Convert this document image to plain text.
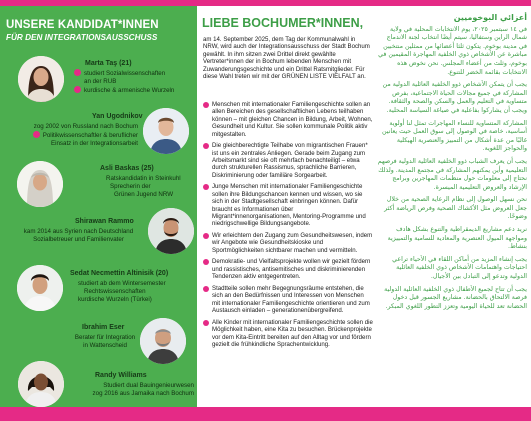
UNSERE KANDIDAT*INNEN
FÜR DEN INTEGRATIONSAUSSCHUSS
Marta Taş (21)
studiert Sozialwissenschaften
an der RUB
kurdische & armenische Wurzeln
Yan Ugodnikov
zog 2002 von Russland nach Bochum
Politikwissenschaftler & beruflicher
Einsatz in der Integrationsarbeit
Asli Baskas (25)
Ratskandidatin in Steinkuhl
Sprecherin der
Grünen Jugend NRW
Shirawan Rammo
kam 2014 aus Syrien nach Deutschland
Sozialbetreuer und Familienvater
Sedat Necmettin Altinisik (20)
studiert ab dem Wintersemester
Rechtswissenschaften
kurdische Wurzeln (Türkei)
Ibrahim Eser
Berater für Integration
in Wattenscheid
Randy Williams
Studiert dual Bauingenieurwesen
zog 2016 aus Jamaika nach Bochum
LIEBE BOCHUMER*INNEN,
am 14. September 2025, dem Tag der Kommunalwahl in NRW, wird auch der Integrationsausschuss der Stadt Bochum gewählt. In ihm sitzen zwei Drittel direkt gewählte Vertreter*innen der in Bochum lebenden Menschen mit Zuwanderungsgeschichte und ein Drittel Ratsmitglieder. Für diese Wahl treten wir mit der GRÜNEN LISTE VIELFALT an.
Menschen mit internationaler Familiengeschichte sollen an allen Bereichen des gesellschaftlichen Lebens teilhaben können – mit gleichen Chancen in Bildung, Arbeit, Wohnen, Gesundheit und Kultur. Sie sollen kommunale Politik aktiv mitgestalten.
Die gleichberechtigte Teilhabe von migrantischen Frauen* ist uns ein zentrales Anliegen. Gerade beim Zugang zum Arbeitsmarkt sind sie oft mehrfach benachteiligt – etwa durch strukturellen Rassismus, sprachliche Barrieren, Diskriminierung oder familiäre Sorgearbeit.
Junge Menschen mit internationaler Familiengeschichte sollen ihre Bildungschancen kennen und wissen, wo sie sich in der Stadtgesellschaft einbringen können. Dafür braucht es Informationen über Migrant*innenorganisationen, Mentoring-Programme und niedrigschwellige Bildungsangebote.
Wir erleichtern den Zugang zum Gesundheitswesen, indem wir Angebote wie Gesundheitskioske und Sportmöglichkeiten sichtbarer machen und vermitteln.
Demokratie- und Vielfaltsprojekte wollen wir gezielt fördern und rassistisches, antisemitisches und diskriminierenden Tendenzen aktiv entgegentreten.
Stadtteile sollen mehr Begegnungsräume entstehen, die sich an den Bedürfnissen und Interessen von Menschen mit internationaler Familiengeschichte orientieren und zum Austausch einladen – generationenübergreifend.
Alle Kinder mit internationaler Familiengeschichte sollen die Möglichkeit haben, eine Kita zu besuchen. Brückenprojekte vor dem Kita-Eintritt bereiten auf den Alltag vor und fördern gezielt die frühkindliche Sprachentwicklung.
أعزائي البوخوميين

في ١٤ سبتمبر ٢٠٢٥، يوم الانتخابات المحلية في ولاية شمال الراين وستفاليا، سيتم أيضًا انتخاب لجنة الاندماج في مدينة بوخوم. يتكون ثلثا أعضائها من ممثلين منتخبين مباشرة عن الأشخاص ذوي الخلفية المهاجرة المقيمين في بوخوم، وثلث من أعضاء المجلس. نحن نخوض هذه الانتخابات بقائمة الخضر للتنوع.

يجب أن يتمكن الأشخاص ذوو الخلفية العائلية الدولية من المشاركة في جميع مجالات الحياة الاجتماعية، بفرص متساوية في التعليم والعمل والسكن والصحة والثقافة. ويجب أن يشاركوا بفاعلية في صياغة السياسة المحلية.

المشاركة المتساوية للنساء المهاجرات تمثل لنا أولوية أساسية، خاصة في الوصول إلى سوق العمل حيث يعانين غالبًا من عدة أشكال من التمييز والعنصرية الهيكلية والحواجز اللغوية.

يجب أن يعرف الشباب ذوو الخلفية العائلية الدولية فرصهم التعليمية وأين يمكنهم المشاركة في مجتمع المدينة. ولذلك نحتاج إلى معلومات حول منظمات المهاجرين وبرامج الإرشاد والعروض التعليمية الميسرة.

نحن نسهل الوصول إلى نظام الرعاية الصحية من خلال جعل العروض مثل الأكشاك الصحية وفرص الرياضة أكثر وضوحًا.

نريد دعم مشاريع الديمقراطية والتنوع بشكل هادف ومواجهة الميول العنصرية والمعادية للسامية والتمييزية بنشاط.

يجب إنشاء المزيد من أماكن اللقاء في الأحياء تراعي احتياجات واهتمامات الأشخاص ذوي الخلفية العائلية الدولية وتدعو إلى التبادل بين الأجيال.

يجب أن تتاح لجميع الأطفال ذوي الخلفية العائلية الدولية فرصة الالتحاق بالحضانة. مشاريع الجسور قبل دخول الحضانة تعد للحياة اليومية وتعزز التطور اللغوي المبكر.
